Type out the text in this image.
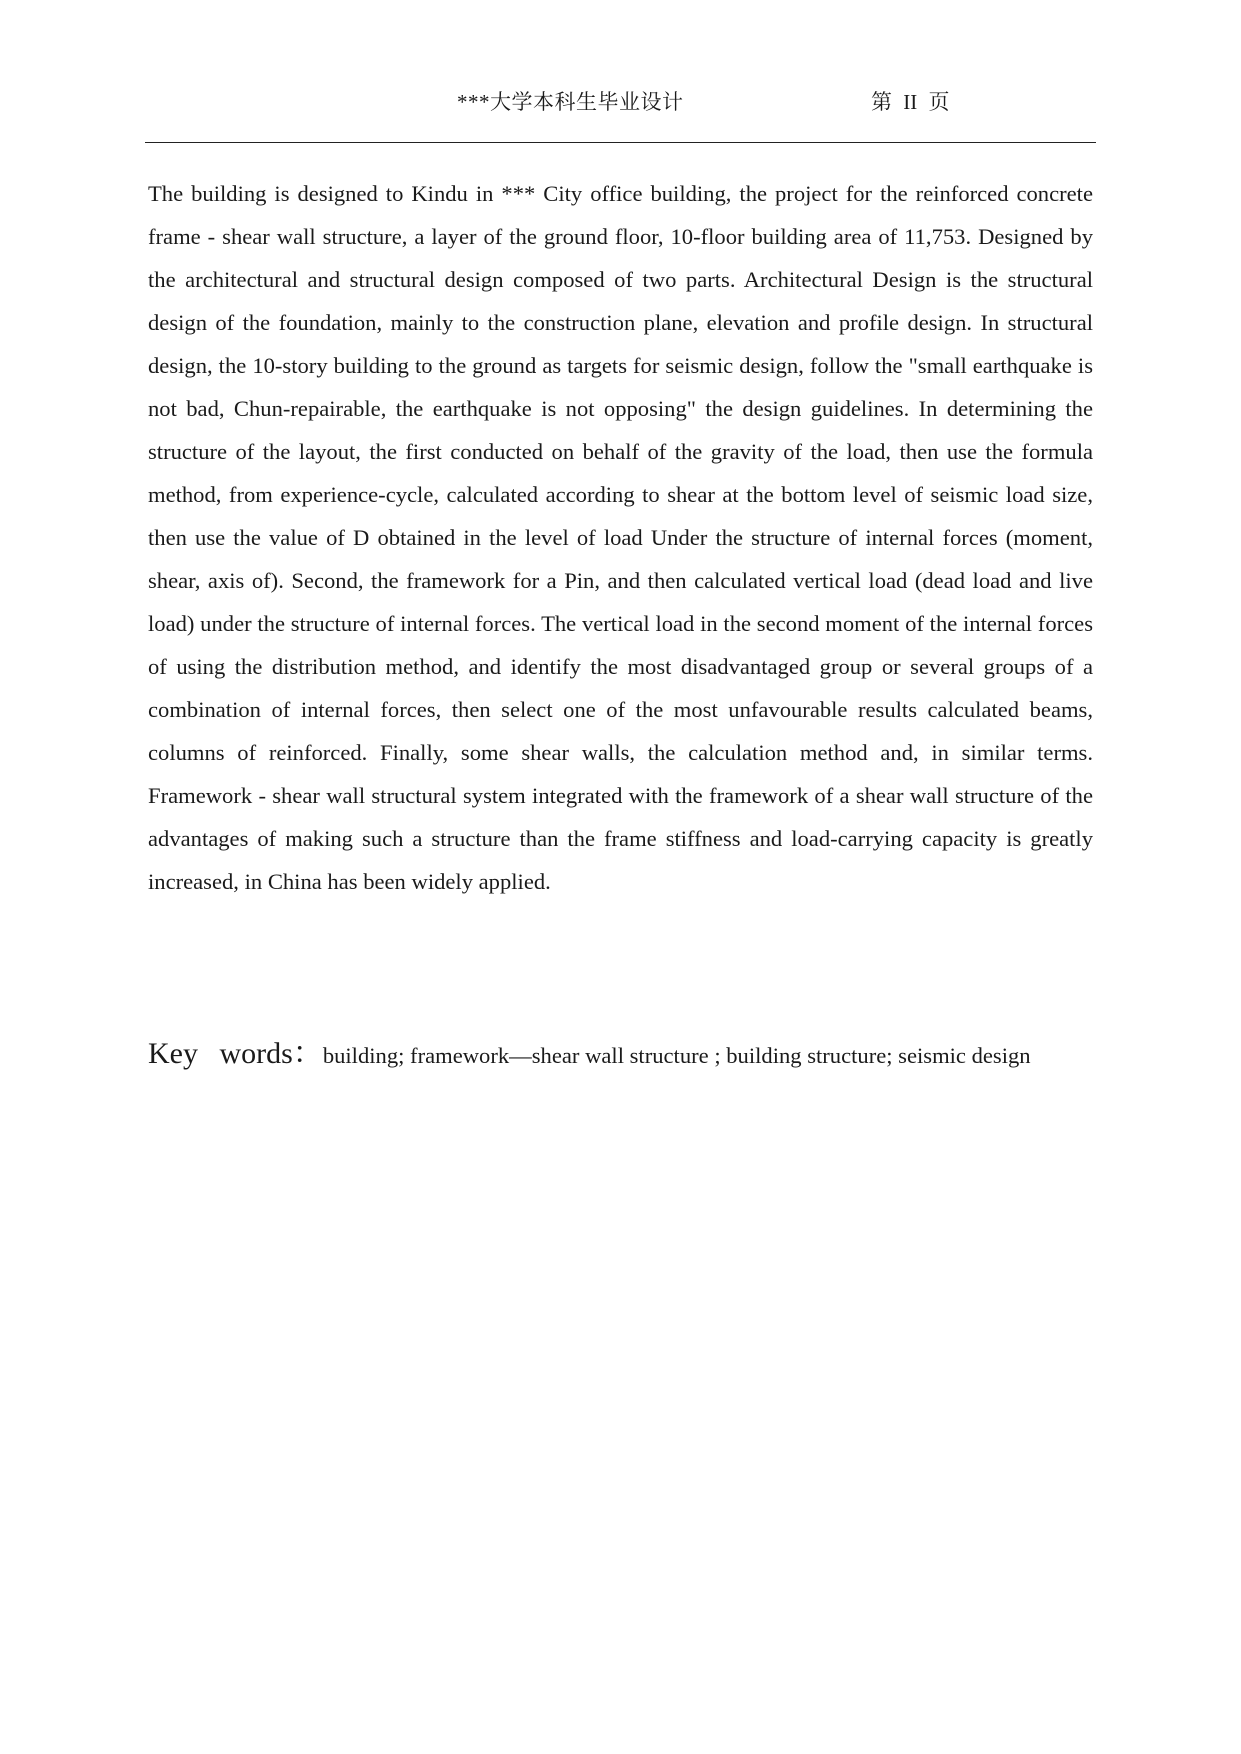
***大学本科生毕业设计	第 II 页

The building is designed to Kindu in *** City office building, the project for the reinforced concrete frame - shear wall structure, a layer of the ground floor, 10-floor building area of 11,753. Designed by the architectural and structural design composed of two parts. Architectural Design is the structural design of the foundation, mainly to the construction plane, elevation and profile design. In structural design, the 10-story building to the ground as targets for seismic design, follow the "small earthquake is not bad, Chun-repairable, the earthquake is not opposing" the design guidelines. In determining the structure of the layout, the first conducted on behalf of the gravity of the load, then use the formula method, from experience-cycle, calculated according to shear at the bottom level of seismic load size, then use the value of D obtained in the level of load Under the structure of internal forces (moment, shear, axis of). Second, the framework for a Pin, and then calculated vertical load (dead load and live load) under the structure of internal forces. The vertical load in the second moment of the internal forces of using the distribution method, and identify the most disadvantaged group or several groups of a combination of internal forces, then select one of the most unfavourable results calculated beams, columns of reinforced. Finally, some shear walls, the calculation method and, in similar terms. Framework - shear wall structural system integrated with the framework of a shear wall structure of the advantages of making such a structure than the frame stiffness and load-carrying capacity is greatly increased, in China has been widely applied.

Key words：building; framework—shear wall structure ; building structure; seismic design
